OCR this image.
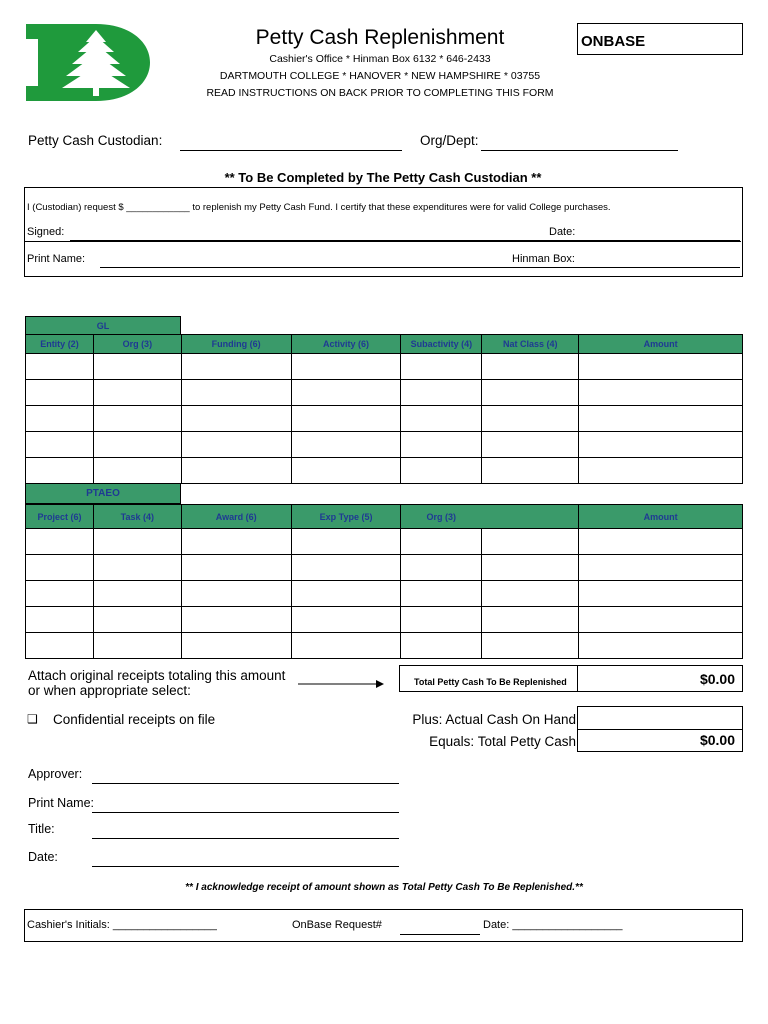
Petty Cash Replenishment
Cashier's Office * Hinman Box 6132 * 646-2433
DARTMOUTH COLLEGE * HANOVER * NEW HAMPSHIRE * 03755
READ INSTRUCTIONS ON BACK PRIOR TO COMPLETING THIS FORM
ONBASE
Petty Cash Custodian:	Org/Dept:
** To Be Completed by The Petty Cash Custodian **
I (Custodian) request $ ____________ to replenish my Petty Cash Fund. I certify that these expenditures were for valid College purchases.
Signed:	Date:
Print Name:	Hinman Box:
GL
Entity (2)	Org (3)	Funding (6)	Activity (6)	Subactivity (4)	Nat Class (4)	Amount

PTAEO
Project (6)	Task (4)	Award (6)	Exp Type (5)	Org (3)		Amount

Attach original receipts totaling this amount
or when appropriate select:
Total Petty Cash To Be Replenished	$0.00
❑ Confidential receipts on file	Plus: Actual Cash On Hand
Equals: Total Petty Cash	$0.00
Approver:
Print Name:
Title:
Date:
** I acknowledge receipt of amount shown as Total Petty Cash To Be Replenished.**
Cashier's Initials: _________________	OnBase Request#	Date: __________________
